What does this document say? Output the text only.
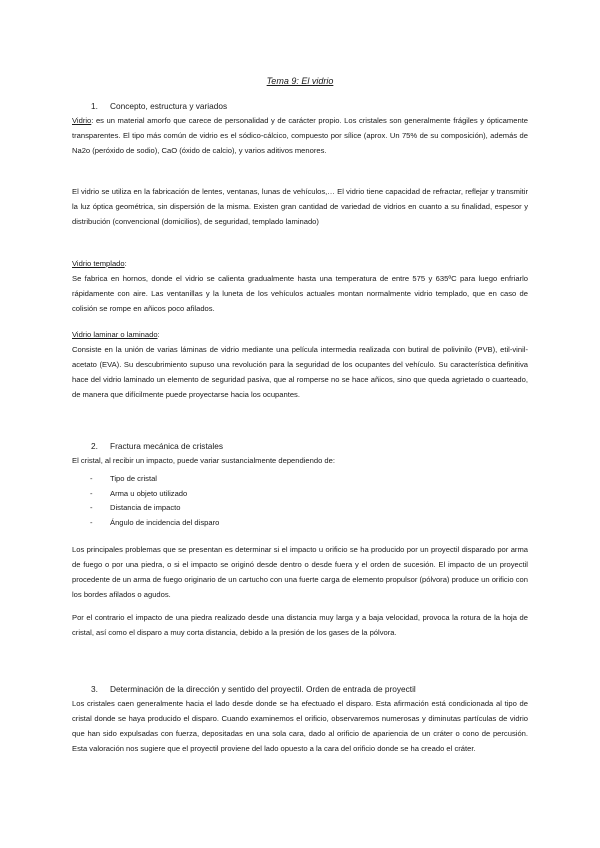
Tema 9: El vidrio
1. Concepto, estructura y variados

Vidrio: es un material amorfo que carece de personalidad y de carácter propio. Los cristales son generalmente frágiles y ópticamente transparentes. El tipo más común de vidrio es el sódico-cálcico, compuesto por sílice (aprox. Un 75% de su composición), además de Na2o (peróxido de sodio), CaO (óxido de calcio), y varios aditivos menores.

El vidrio se utiliza en la fabricación de lentes, ventanas, lunas de vehículos,… El vidrio tiene capacidad de refractar, reflejar y transmitir la luz óptica geométrica, sin dispersión de la misma. Existen gran cantidad de variedad de vidrios en cuanto a su finalidad, espesor y distribución (convencional (domicilios), de seguridad, templado laminado)

Vidrio templado:
Se fabrica en hornos, donde el vidrio se calienta gradualmente hasta una temperatura de entre 575 y 635ºC para luego enfriarlo rápidamente con aire. Las ventanillas y la luneta de los vehículos actuales montan normalmente vidrio templado, que en caso de colisión se rompe en añicos poco afilados.

Vidrio laminar o laminado:
Consiste en la unión de varias láminas de vidrio mediante una película intermedia realizada con butiral de polivinilo (PVB), etil-vinil-acetato (EVA). Su descubrimiento supuso una revolución para la seguridad de los ocupantes del vehículo. Su característica definitiva hace del vidrio laminado un elemento de seguridad pasiva, que al romperse no se hace añicos, sino que queda agrietado o cuarteado, de manera que difícilmente puede proyectarse hacia los ocupantes.

2. Fractura mecánica de cristales

El cristal, al recibir un impacto, puede variar sustancialmente dependiendo de:

- Tipo de cristal
- Arma u objeto utilizado
- Distancia de impacto
- Ángulo de incidencia del disparo

Los principales problemas que se presentan es determinar si el impacto u orificio se ha producido por un proyectil disparado por arma de fuego o por una piedra, o si el impacto se originó desde dentro o desde fuera y el orden de sucesión. El impacto de un proyectil procedente de un arma de fuego originario de un cartucho con una fuerte carga de elemento propulsor (pólvora) produce un orificio con los bordes afilados o agudos.

Por el contrario el impacto de una piedra realizado desde una distancia muy larga y a baja velocidad, provoca la rotura de la hoja de cristal, así como el disparo a muy corta distancia, debido a la presión de los gases de la pólvora.

3. Determinación de la dirección y sentido del proyectil. Orden de entrada de proyectil

Los cristales caen generalmente hacia el lado desde donde se ha efectuado el disparo. Esta afirmación está condicionada al tipo de cristal donde se haya producido el disparo. Cuando examinemos el orificio, observaremos numerosas y diminutas partículas de vidrio que han sido expulsadas con fuerza, depositadas en una sola cara, dado al orificio de apariencia de un cráter o cono de percusión. Esta valoración nos sugiere que el proyectil proviene del lado opuesto a la cara del orificio donde se ha creado el cráter.
